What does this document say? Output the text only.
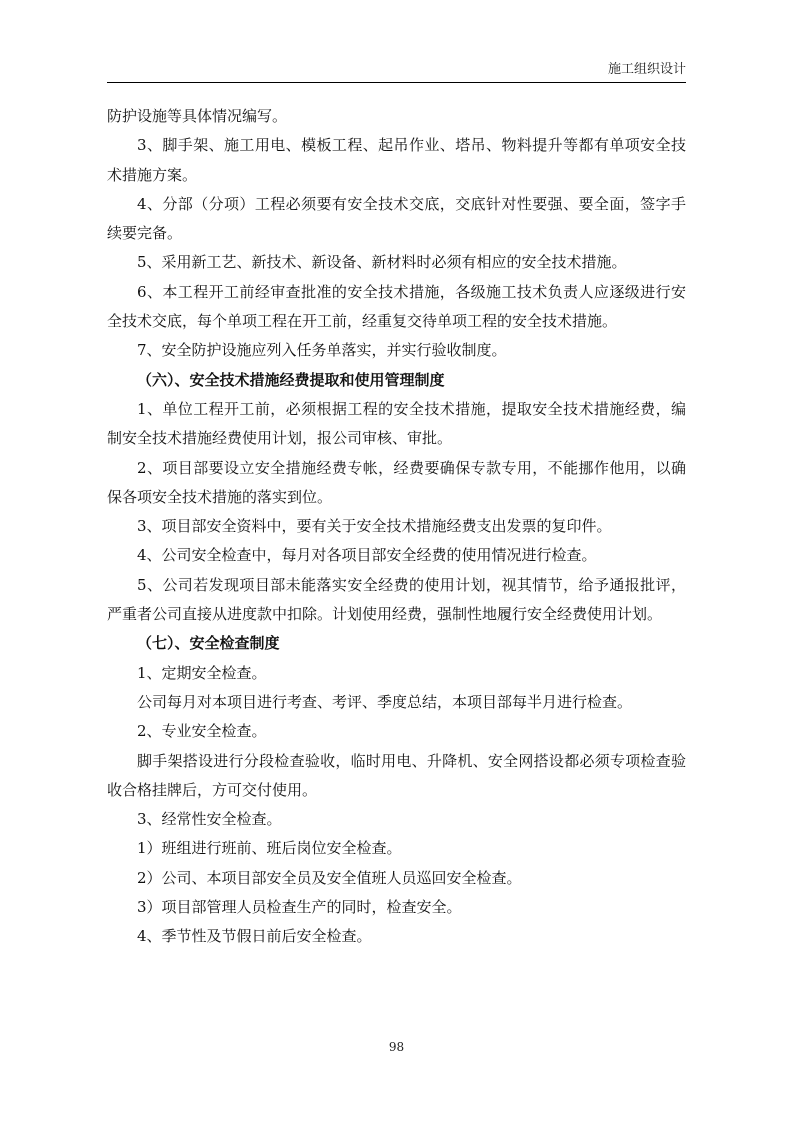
施工组织设计

防护设施等具体情况编写。

3、脚手架、施工用电、模板工程、起吊作业、塔吊、物料提升等都有单项安全技术措施方案。

4、分部（分项）工程必须要有安全技术交底，交底针对性要强、要全面，签字手续要完备。

5、采用新工艺、新技术、新设备、新材料时必须有相应的安全技术措施。

6、本工程开工前经审查批准的安全技术措施，各级施工技术负责人应逐级进行安全技术交底，每个单项工程在开工前，经重复交待单项工程的安全技术措施。

7、安全防护设施应列入任务单落实，并实行验收制度。

（六）、安全技术措施经费提取和使用管理制度

1、单位工程开工前，必须根据工程的安全技术措施，提取安全技术措施经费，编制安全技术措施经费使用计划，报公司审核、审批。

2、项目部要设立安全措施经费专帐，经费要确保专款专用，不能挪作他用，以确保各项安全技术措施的落实到位。

3、项目部安全资料中，要有关于安全技术措施经费支出发票的复印件。

4、公司安全检查中，每月对各项目部安全经费的使用情况进行检查。

5、公司若发现项目部未能落实安全经费的使用计划，视其情节，给予通报批评，严重者公司直接从进度款中扣除。计划使用经费，强制性地履行安全经费使用计划。

（七）、安全检查制度

1、定期安全检查。

公司每月对本项目进行考查、考评、季度总结，本项目部每半月进行检查。

2、专业安全检查。

脚手架搭设进行分段检查验收，临时用电、升降机、安全网搭设都必须专项检查验收合格挂牌后，方可交付使用。

3、经常性安全检查。

1）班组进行班前、班后岗位安全检查。

2）公司、本项目部安全员及安全值班人员巡回安全检查。

3）项目部管理人员检查生产的同时，检查安全。

4、季节性及节假日前后安全检查。

98
